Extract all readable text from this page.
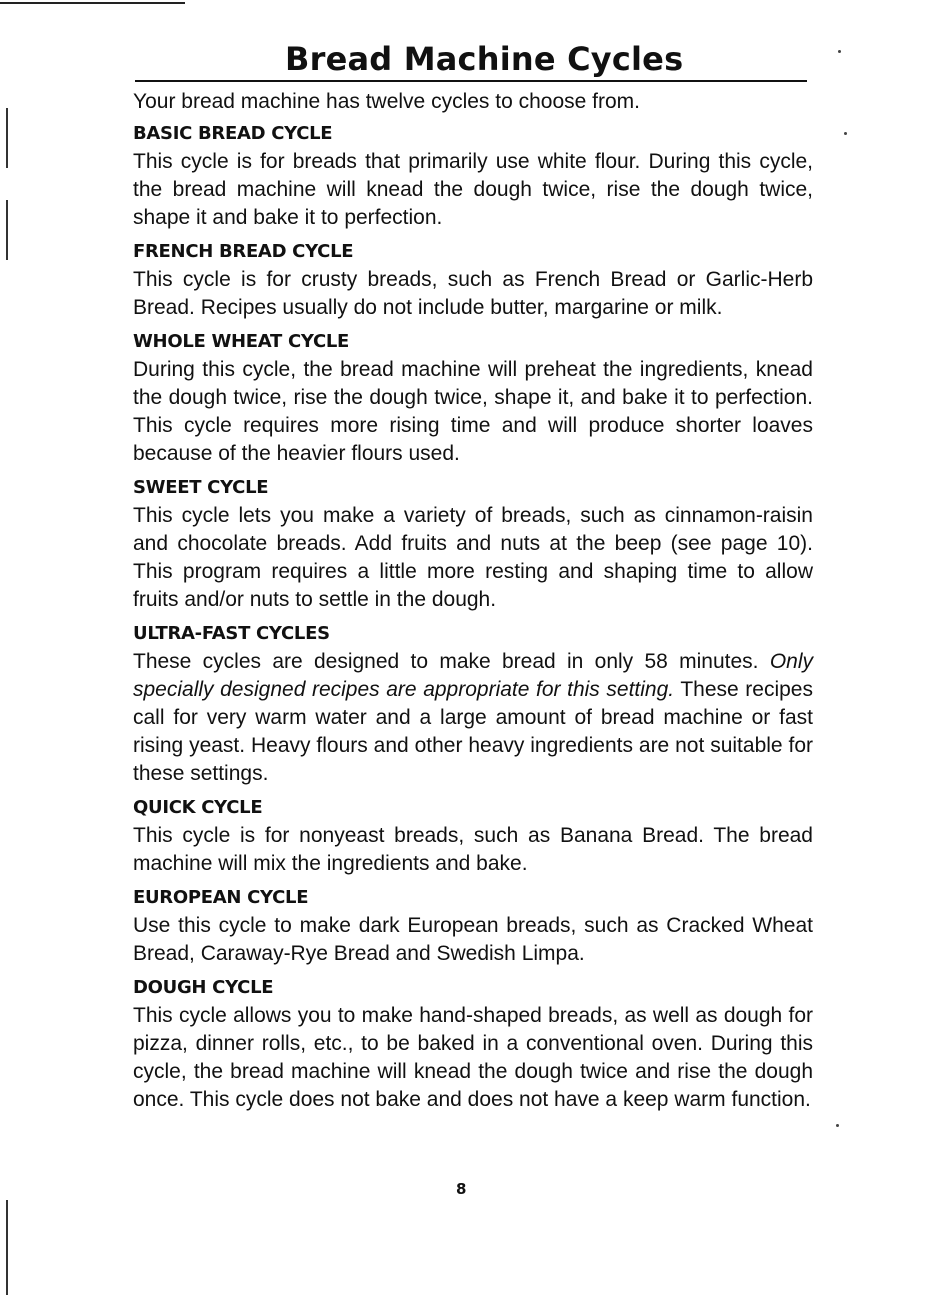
Bread Machine Cycles

Your bread machine has twelve cycles to choose from.

BASIC BREAD CYCLE

This cycle is for breads that primarily use white flour. During this cycle, the bread machine will knead the dough twice, rise the dough twice, shape it and bake it to perfection.

FRENCH BREAD CYCLE

This cycle is for crusty breads, such as French Bread or Garlic-Herb Bread. Recipes usually do not include butter, margarine or milk.

WHOLE WHEAT CYCLE

During this cycle, the bread machine will preheat the ingredients, knead the dough twice, rise the dough twice, shape it, and bake it to perfection. This cycle requires more rising time and will produce shorter loaves because of the heavier flours used.

SWEET CYCLE

This cycle lets you make a variety of breads, such as cinnamon-raisin and chocolate breads. Add fruits and nuts at the beep (see page 10). This program requires a little more resting and shaping time to allow fruits and/or nuts to settle in the dough.

ULTRA-FAST CYCLES

These cycles are designed to make bread in only 58 minutes. Only specially designed recipes are appropriate for this setting. These recipes call for very warm water and a large amount of bread machine or fast rising yeast. Heavy flours and other heavy ingredients are not suitable for these settings.

QUICK CYCLE

This cycle is for nonyeast breads, such as Banana Bread. The bread machine will mix the ingredients and bake.

EUROPEAN CYCLE

Use this cycle to make dark European breads, such as Cracked Wheat Bread, Caraway-Rye Bread and Swedish Limpa.

DOUGH CYCLE

This cycle allows you to make hand-shaped breads, as well as dough for pizza, dinner rolls, etc., to be baked in a conventional oven. During this cycle, the bread machine will knead the dough twice and rise the dough once. This cycle does not bake and does not have a keep warm function.

8
